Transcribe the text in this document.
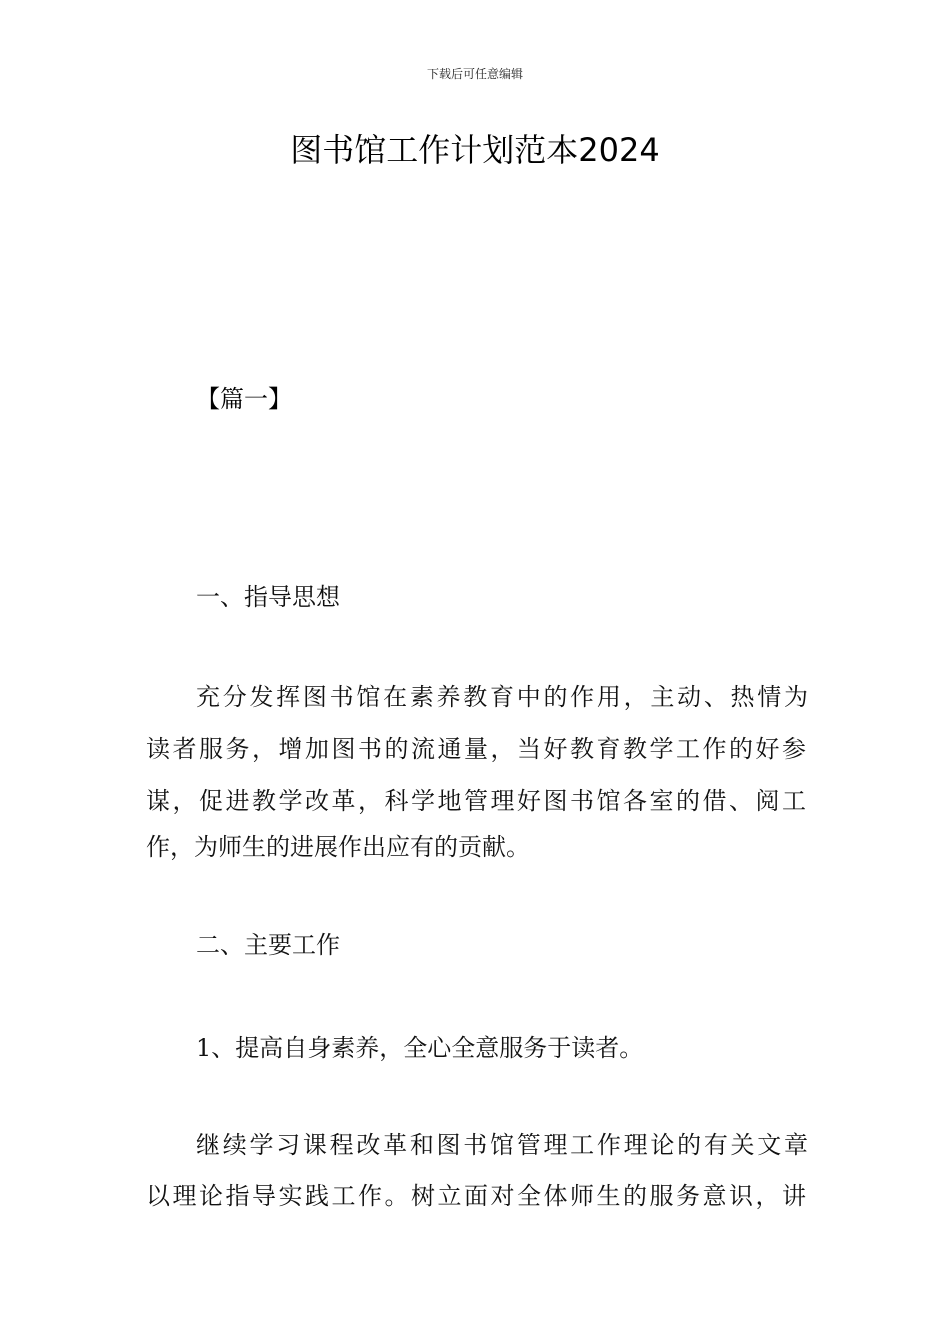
下载后可任意编辑
图书馆工作计划范本2024
【篇一】
一、指导思想
充分发挥图书馆在素养教育中的作用，主动、热情为
读者服务，增加图书的流通量，当好教育教学工作的好参
谋，促进教学改革，科学地管理好图书馆各室的借、阅工
作，为师生的进展作出应有的贡献。
二、主要工作
1、提高自身素养，全心全意服务于读者。
继续学习课程改革和图书馆管理工作理论的有关文章
以理论指导实践工作。树立面对全体师生的服务意识，讲
